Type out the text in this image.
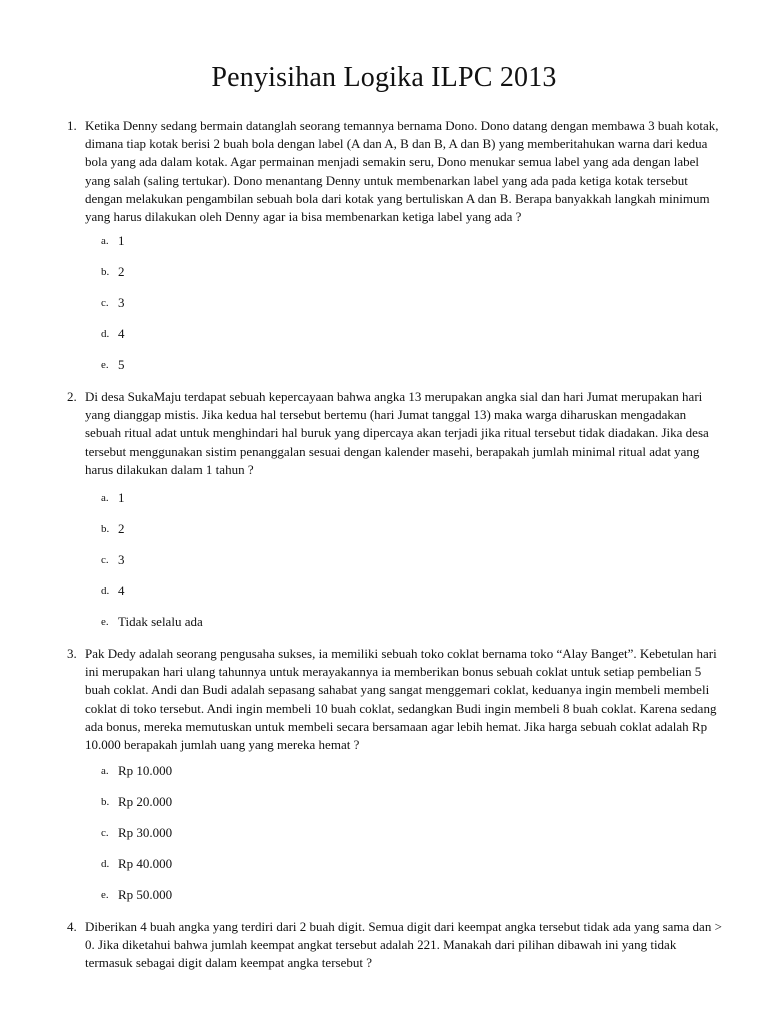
Penyisihan Logika ILPC 2013
1. Ketika Denny sedang bermain datanglah seorang temannya bernama Dono. Dono datang dengan membawa 3 buah kotak, dimana tiap kotak berisi 2 buah bola dengan label (A dan A, B dan B, A dan B) yang memberitahukan warna dari kedua bola yang ada dalam kotak. Agar permainan menjadi semakin seru, Dono menukar semua label yang ada dengan label yang salah (saling tertukar). Dono menantang Denny untuk membenarkan label yang ada pada ketiga kotak tersebut dengan melakukan pengambilan sebuah bola dari kotak yang bertuliskan A dan B. Berapa banyakkah langkah minimum yang harus dilakukan oleh Denny agar ia bisa membenarkan ketiga label yang ada ?

a. 1
b. 2
c. 3
d. 4
e. 5
2. Di desa SukaMaju terdapat sebuah kepercayaan bahwa angka 13 merupakan angka sial dan hari Jumat merupakan hari yang dianggap mistis. Jika kedua hal tersebut bertemu (hari Jumat tanggal 13) maka warga diharuskan mengadakan sebuah ritual adat untuk menghindari hal buruk yang dipercaya akan terjadi jika ritual tersebut tidak diadakan. Jika desa tersebut menggunakan sistim penanggalan sesuai dengan kalender masehi, berapakah jumlah minimal ritual adat yang harus dilakukan dalam 1 tahun ?

a. 1
b. 2
c. 3
d. 4
e. Tidak selalu ada
3. Pak Dedy adalah seorang pengusaha sukses, ia memiliki sebuah toko coklat bernama toko “Alay Banget”. Kebetulan hari ini merupakan hari ulang tahunnya untuk merayakannya ia memberikan bonus sebuah coklat untuk setiap pembelian 5 buah coklat. Andi dan Budi adalah sepasang sahabat yang sangat menggemari coklat, keduanya ingin membeli membeli coklat di toko tersebut. Andi ingin membeli 10 buah coklat, sedangkan Budi ingin membeli 8 buah coklat. Karena sedang ada bonus, mereka memutuskan untuk membeli secara bersamaan agar lebih hemat. Jika harga sebuah coklat adalah Rp 10.000 berapakah jumlah uang yang mereka hemat ?

a. Rp 10.000
b. Rp 20.000
c. Rp 30.000
d. Rp 40.000
e. Rp 50.000
4. Diberikan 4 buah angka yang terdiri dari 2 buah digit. Semua digit dari keempat angka tersebut tidak ada yang sama dan > 0. Jika diketahui bahwa jumlah keempat angkat tersebut adalah 221. Manakah dari pilihan dibawah ini yang tidak termasuk sebagai digit dalam keempat angka tersebut ?
